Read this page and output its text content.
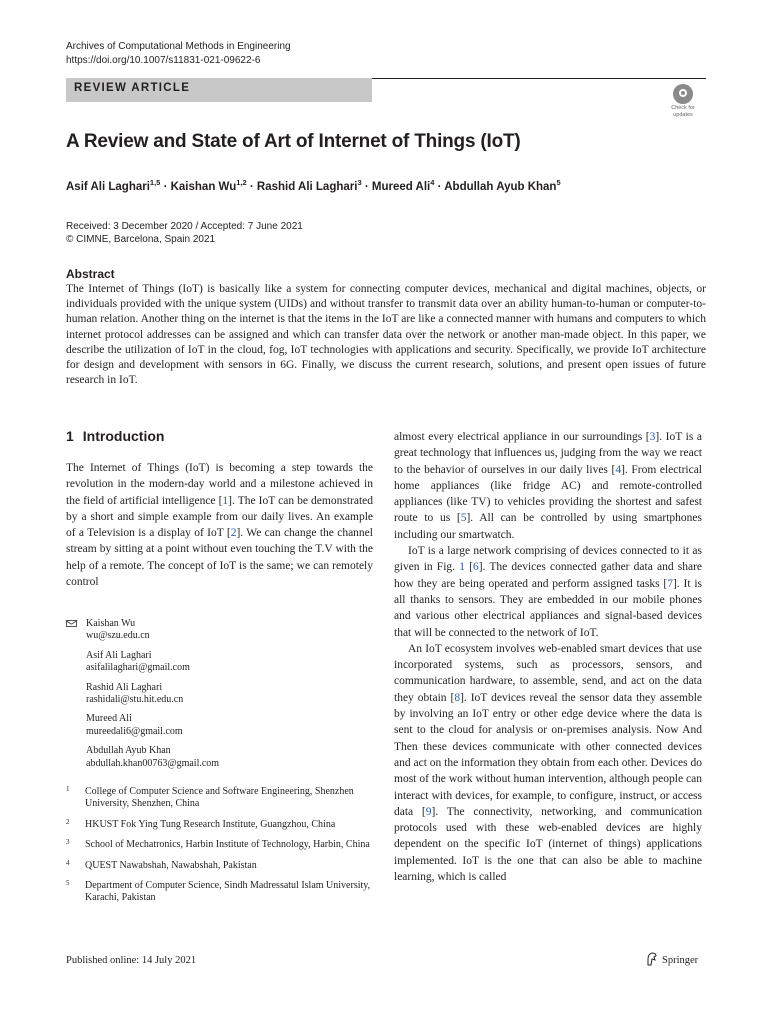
Archives of Computational Methods in Engineering
https://doi.org/10.1007/s11831-021-09622-6
REVIEW ARTICLE
Check for
updates
A Review and State of Art of Internet of Things (IoT)
Asif Ali Laghari$^{1,5}$ · Kaishan Wu$^{1,2}$ · Rashid Ali Laghari$^3$ · Mureed Ali$^4$ · Abdullah Ayub Khan$^5$
Received: 3 December 2020 / Accepted: 7 June 2021
© CIMNE, Barcelona, Spain 2021
Abstract
The Internet of Things (IoT) is basically like a system for connecting computer devices, mechanical and digital machines, objects, or individuals provided with the unique system (UIDs) and without transfer to transmit data over an ability human-to-human or computer-to-human relation. Another thing on the internet is that the items in the IoT are like a connected manner with humans and computers to which internet protocol addresses can be assigned and which can transfer data over the network or another man-made object. In this paper, we describe the utilization of IoT in the cloud, fog, IoT technologies with applications and security. Specifically, we provide IoT architecture for design and development with sensors in 6G. Finally, we discuss the current research, solutions, and present open issues of future research in IoT.
1 Introduction

The Internet of Things (IoT) is becoming a step towards the revolution in the modern-day world and a milestone achieved in the field of artificial intelligence [1]. The IoT can be demonstrated by a short and simple example from our daily lives. An example of a Television is a display of IoT [2]. We can change the channel stream by sitting at a point without even touching the T.V with the help of a remote. The concept of IoT is the same; we can remotely control

Kaishan Wu
wu@szu.edu.cn
Asif Ali Laghari
asifalilaghari@gmail.com
Rashid Ali Laghari
rashidali@stu.hit.edu.cn
Mureed Ali
mureedali6@gmail.com
Abdullah Ayub Khan
abdullah.khan00763@gmail.com
1 College of Computer Science and Software Engineering, Shenzhen University, Shenzhen, China
2 HKUST Fok Ying Tung Research Institute, Guangzhou, China
3 School of Mechatronics, Harbin Institute of Technology, Harbin, China
4 QUEST Nawabshah, Nawabshah, Pakistan
5 Department of Computer Science, Sindh Madressatul Islam University, Karachi, Pakistan

almost every electrical appliance in our surroundings [3]. IoT is a great technology that influences us, judging from the way we react to the behavior of ourselves in our daily lives [4]. From electrical home appliances (like fridge AC) and remote-controlled appliances (like TV) to vehicles providing the shortest and safest route to us [5]. All can be controlled by using smartphones including our smartwatch.

IoT is a large network comprising of devices connected to it as given in Fig. 1 [6]. The devices connected gather data and share how they are being operated and perform assigned tasks [7]. It is all thanks to sensors. They are embedded in our mobile phones and various other electrical appliances and signal-based devices that will be connected to the network of IoT.

An IoT ecosystem involves web-enabled smart devices that use incorporated systems, such as processors, sensors, and communication hardware, to assemble, send, and act on the data they obtain [8]. IoT devices reveal the sensor data they assemble by involving an IoT entry or other edge device where the data is sent to the cloud for analysis or on-premises analysis. Now And Then these devices communicate with other connected devices and act on the information they obtain from each other. Devices do most of the work without human intervention, although people can interact with devices, for example, to configure, instruct, or access data [9]. The connectivity, networking, and communication protocols used with these web-enabled devices are highly dependent on the specific IoT (internet of things) applications implemented. IoT is the one that can also be able to machine learning, which is called

Published online: 14 July 2021	Springer
